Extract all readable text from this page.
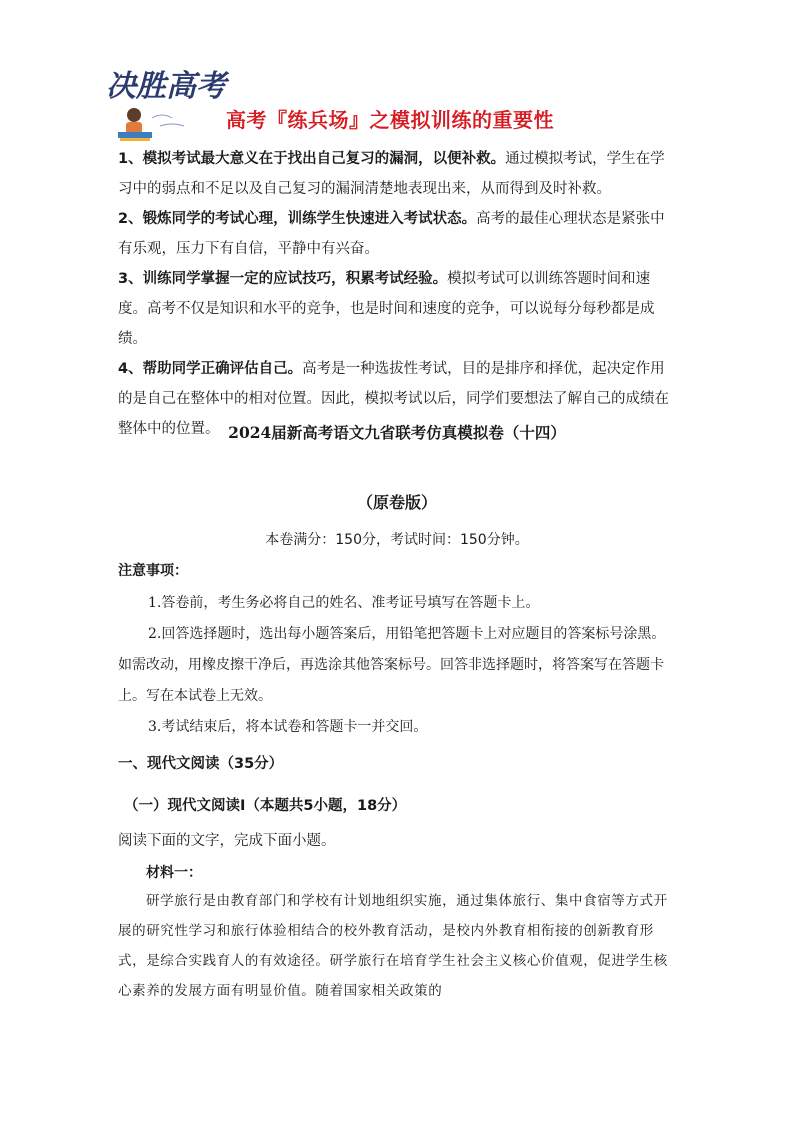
决胜高考
高考『练兵场』之模拟训练的重要性

1、模拟考试最大意义在于找出自己复习的漏洞，以便补救。通过模拟考试，学生在学习中的弱点和不足以及自己复习的漏洞清楚地表现出来，从而得到及时补救。

2、锻炼同学的考试心理，训练学生快速进入考试状态。高考的最佳心理状态是紧张中有乐观，压力下有自信，平静中有兴奋。

3、训练同学掌握一定的应试技巧，积累考试经验。模拟考试可以训练答题时间和速度。高考不仅是知识和水平的竞争，也是时间和速度的竞争，可以说每分每秒都是成绩。

4、帮助同学正确评估自己。高考是一种选拔性考试，目的是排序和择优，起决定作用的是自己在整体中的相对位置。因此，模拟考试以后，同学们要想法了解自己的成绩在整体中的位置。 2024届新高考语文九省联考仿真模拟卷（十四）
（原卷版）
本卷满分：150分，考试时间：150分钟。
注意事项：

1.答卷前，考生务必将自己的姓名、准考证号填写在答题卡上。

2.回答选择题时，选出每小题答案后，用铅笔把答题卡上对应题目的答案标号涂黑。如需改动，用橡皮擦干净后，再选涂其他答案标号。回答非选择题时，将答案写在答题卡上。写在本试卷上无效。

3.考试结束后，将本试卷和答题卡一并交回。

一、现代文阅读（35分）
（一）现代文阅读Ⅰ（本题共5小题，18分）
阅读下面的文字，完成下面小题。
材料一：

研学旅行是由教育部门和学校有计划地组织实施，通过集体旅行、集中食宿等方式开展的研究性学习和旅行体验相结合的校外教育活动，是校内外教育相衔接的创新教育形式，是综合实践育人的有效途径。研学旅行在培育学生社会主义核心价值观，促进学生核心素养的发展方面有明显价值。随着国家相关政策的
